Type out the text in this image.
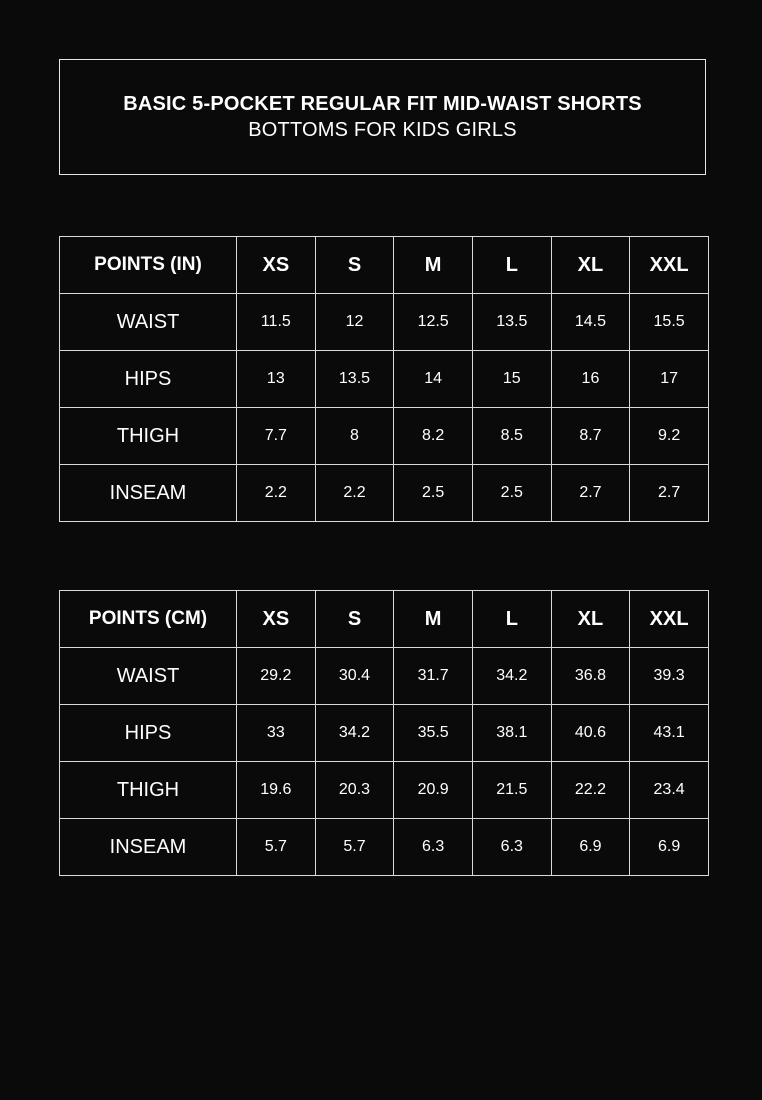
BASIC 5-POCKET REGULAR FIT MID-WAIST SHORTS
BOTTOMS FOR KIDS GIRLS
POINTS (IN)	XS	S	M	L	XL	XXL
WAIST	11.5	12	12.5	13.5	14.5	15.5
HIPS	13	13.5	14	15	16	17
THIGH	7.7	8	8.2	8.5	8.7	9.2
INSEAM	2.2	2.2	2.5	2.5	2.7	2.7
POINTS (CM)	XS	S	M	L	XL	XXL
WAIST	29.2	30.4	31.7	34.2	36.8	39.3
HIPS	33	34.2	35.5	38.1	40.6	43.1
THIGH	19.6	20.3	20.9	21.5	22.2	23.4
INSEAM	5.7	5.7	6.3	6.3	6.9	6.9
